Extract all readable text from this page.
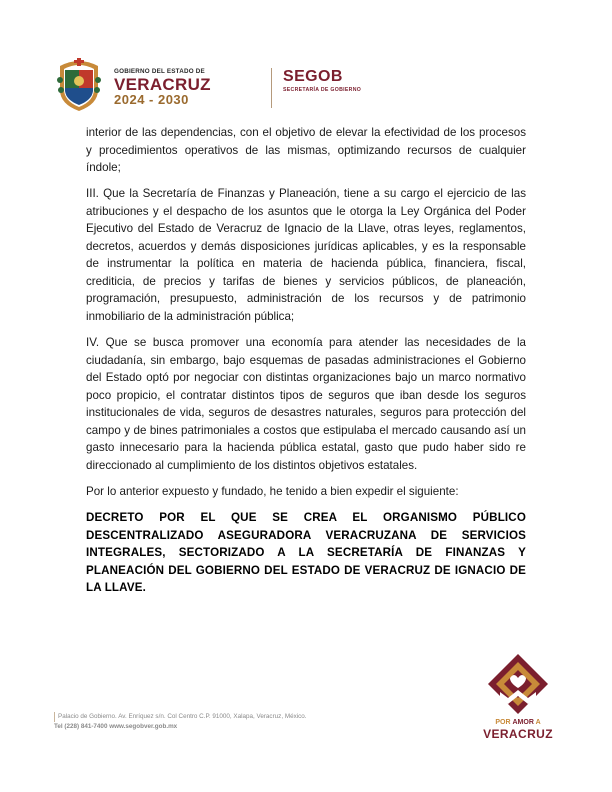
GOBIERNO DEL ESTADO DE
VERACRUZ
2024 - 2030
SEGOB
SECRETARÍA DE GOBIERNO

interior de las dependencias, con el objetivo de elevar la efectividad de los procesos y procedimientos operativos de las mismas, optimizando recursos de cualquier índole;

III. Que la Secretaría de Finanzas y Planeación, tiene a su cargo el ejercicio de las atribuciones y el despacho de los asuntos que le otorga la Ley Orgánica del Poder Ejecutivo del Estado de Veracruz de Ignacio de la Llave, otras leyes, reglamentos, decretos, acuerdos y demás disposiciones jurídicas aplicables, y es la responsable de instrumentar la política en materia de hacienda pública, financiera, fiscal, crediticia, de precios y tarifas de bienes y servicios públicos, de planeación, programación, presupuesto, administración de los recursos y de patrimonio inmobiliario de la administración pública;

IV. Que se busca promover una economía para atender las necesidades de la ciudadanía, sin embargo, bajo esquemas de pasadas administraciones el Gobierno del Estado optó por negociar con distintas organizaciones bajo un marco normativo poco propicio, el contratar distintos tipos de seguros que iban desde los seguros institucionales de vida, seguros de desastres naturales, seguros para protección del campo y de bines patrimoniales a costos que estipulaba el mercado causando así un gasto innecesario para la hacienda pública estatal, gasto que pudo haber sido re direccionado al cumplimiento de los distintos objetivos estatales.

Por lo anterior expuesto y fundado, he tenido a bien expedir el siguiente:

DECRETO POR EL QUE SE CREA EL ORGANISMO PÚBLICO DESCENTRALIZADO ASEGURADORA VERACRUZANA DE SERVICIOS INTEGRALES, SECTORIZADO A LA SECRETARÍA DE FINANZAS Y PLANEACIÓN DEL GOBIERNO DEL ESTADO DE VERACRUZ DE IGNACIO DE LA LLAVE.

Palacio de Gobierno. Av. Enríquez s/n. Col Centro C.P. 91000, Xalapa, Veracruz, México.
Tel (228) 841-7400 www.segobver.gob.mx
POR AMOR A
VERACRUZ
